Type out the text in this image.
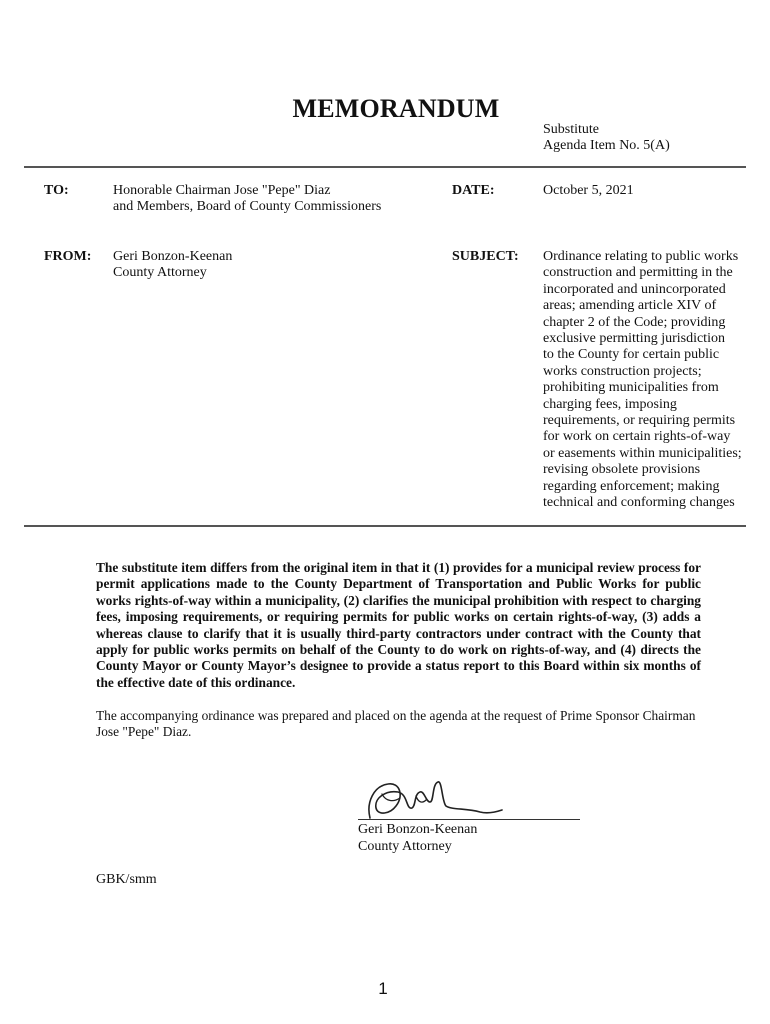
MEMORANDUM
Substitute
Agenda Item No. 5(A)
TO:	Honorable Chairman Jose "Pepe" Diaz
and Members, Board of County Commissioners
DATE:	October 5, 2021
FROM: Geri Bonzon-Keenan
County Attorney
SUBJECT: Ordinance relating to public works
construction and permitting in the
incorporated and unincorporated
areas; amending article XIV of
chapter 2 of the Code; providing
exclusive permitting jurisdiction
to the County for certain public
works construction projects;
prohibiting municipalities from
charging fees, imposing
requirements, or requiring permits
for work on certain rights-of-way
or easements within municipalities;
revising obsolete provisions
regarding enforcement; making
technical and conforming changes
The substitute item differs from the original item in that it (1) provides for a municipal review process for permit applications made to the County Department of Transportation and Public Works for public works rights-of-way within a municipality, (2) clarifies the municipal prohibition with respect to charging fees, imposing requirements, or requiring permits for public works on certain rights-of-way, (3) adds a whereas clause to clarify that it is usually third-party contractors under contract with the County that apply for public works permits on behalf of the County to do work on rights-of-way, and (4) directs the County Mayor or County Mayor’s designee to provide a status report to this Board within six months of the effective date of this ordinance.
The accompanying ordinance was prepared and placed on the agenda at the request of Prime Sponsor Chairman Jose "Pepe" Diaz.
Geri Bonzon-Keenan
County Attorney
GBK/smm
1
